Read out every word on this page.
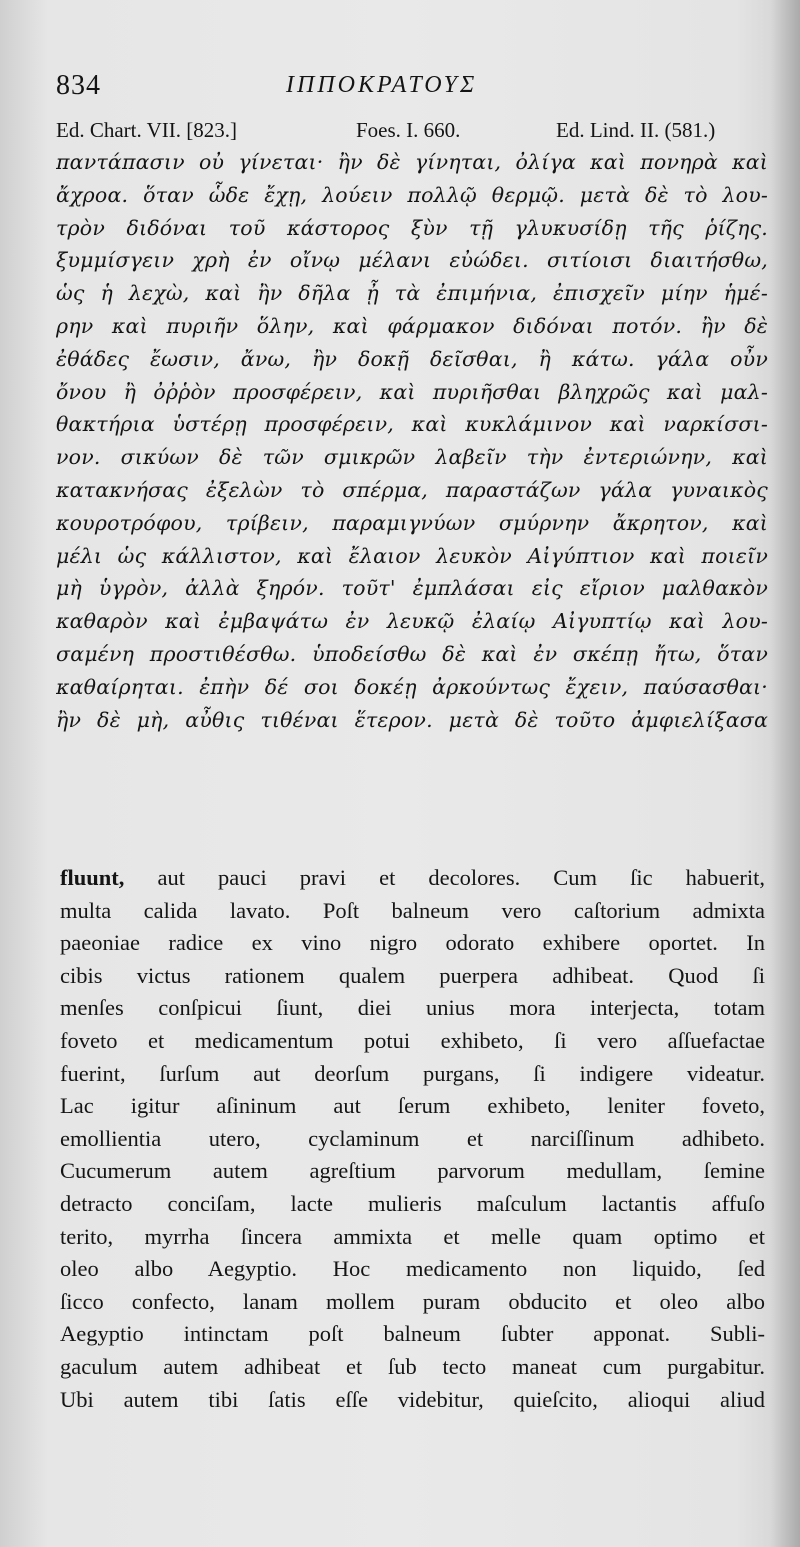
834	ΙΠΠΟΚΡΑΤΟΥΣ
Ed. Chart. VII. [823.]	Foes. I. 660.	Ed. Lind. II. (581.)
παντάπασιν οὐ γίνεται· ἢν δὲ γίνηται, ὀλίγα καὶ πονηρὰ καὶ
ἄχροα. ὅταν ὧδε ἔχῃ, λούειν πολλῷ θερμῷ. μετὰ δὲ τὸ λου-
τρὸν διδόναι τοῦ κάστορος ξὺν τῇ γλυκυσίδῃ τῆς ῥίζης.
ξυμμίσγειν χρὴ ἐν οἴνῳ μέλανι εὐώδει. σιτίοισι διαιτήσθω,
ὡς ἡ λεχὼ, καὶ ἢν δῆλα ᾖ τὰ ἐπιμήνια, ἐπισχεῖν μίην ἡμέ-
ρην καὶ πυριῆν ὅλην, καὶ φάρμακον διδόναι ποτόν. ἢν δὲ
ἐθάδες ἔωσιν, ἄνω, ἢν δοκῇ δεῖσθαι, ἢ κάτω. γάλα οὖν
ὄνου ἢ ὀῤῥὸν προσφέρειν, καὶ πυριῆσθαι βληχρῶς καὶ μαλ-
θακτήρια ὑστέρῃ προσφέρειν, καὶ κυκλάμινον καὶ ναρκίσσι-
νον. σικύων δὲ τῶν σμικρῶν λαβεῖν τὴν ἐντεριώνην, καὶ
κατακνήσας ἐξελὼν τὸ σπέρμα, παραστάζων γάλα γυναικὸς
κουροτρόφου, τρίβειν, παραμιγνύων σμύρνην ἄκρητον, καὶ
μέλι ὡς κάλλιστον, καὶ ἔλαιον λευκὸν Αἰγύπτιον καὶ ποιεῖν
μὴ ὑγρὸν, ἀλλὰ ξηρόν. τοῦτ' ἐμπλάσαι εἰς εἴριον μαλθακὸν
καθαρὸν καὶ ἐμβαψάτω ἐν λευκῷ ἐλαίῳ Αἰγυπτίῳ καὶ λου-
σαμένη προστιθέσθω. ὑποδείσθω δὲ καὶ ἐν σκέπῃ ἤτω, ὅταν
καθαίρηται. ἐπὴν δέ σοι δοκέῃ ἀρκούντως ἔχειν, παύσασθαι·
ἢν δὲ μὴ, αὖθις τιθέναι ἕτερον. μετὰ δὲ τοῦτο ἀμφιελίξασα
fluunt, aut pauci pravi et decolores. Cum ſic habuerit,
multa calida lavato. Poſt balneum vero caſtorium admixta
paeoniae radice ex vino nigro odorato exhibere oportet. In
cibis victus rationem qualem puerpera adhibeat. Quod ſi
menſes conſpicui ſiunt, diei unius mora interjecta, totam
foveto et medicamentum potui exhibeto, ſi vero aſſuefactae
fuerint, ſurſum aut deorſum purgans, ſi indigere videatur.
Lac igitur aſininum aut ſerum exhibeto, leniter foveto,
emollientia utero, cyclaminum et narciſſinum adhibeto.
Cucumerum autem agreſtium parvorum medullam, ſemine
detracto conciſam, lacte mulieris maſculum lactantis affuſo
terito, myrrha ſincera ammixta et melle quam optimo et
oleo albo Aegyptio. Hoc medicamento non liquido, ſed
ſicco confecto, lanam mollem puram obducito et oleo albo
Aegyptio intinctam poſt balneum ſubter apponat. Subli-
gaculum autem adhibeat et ſub tecto maneat cum purgabitur.
Ubi autem tibi ſatis eſſe videbitur, quieſcito, alioqui aliud
